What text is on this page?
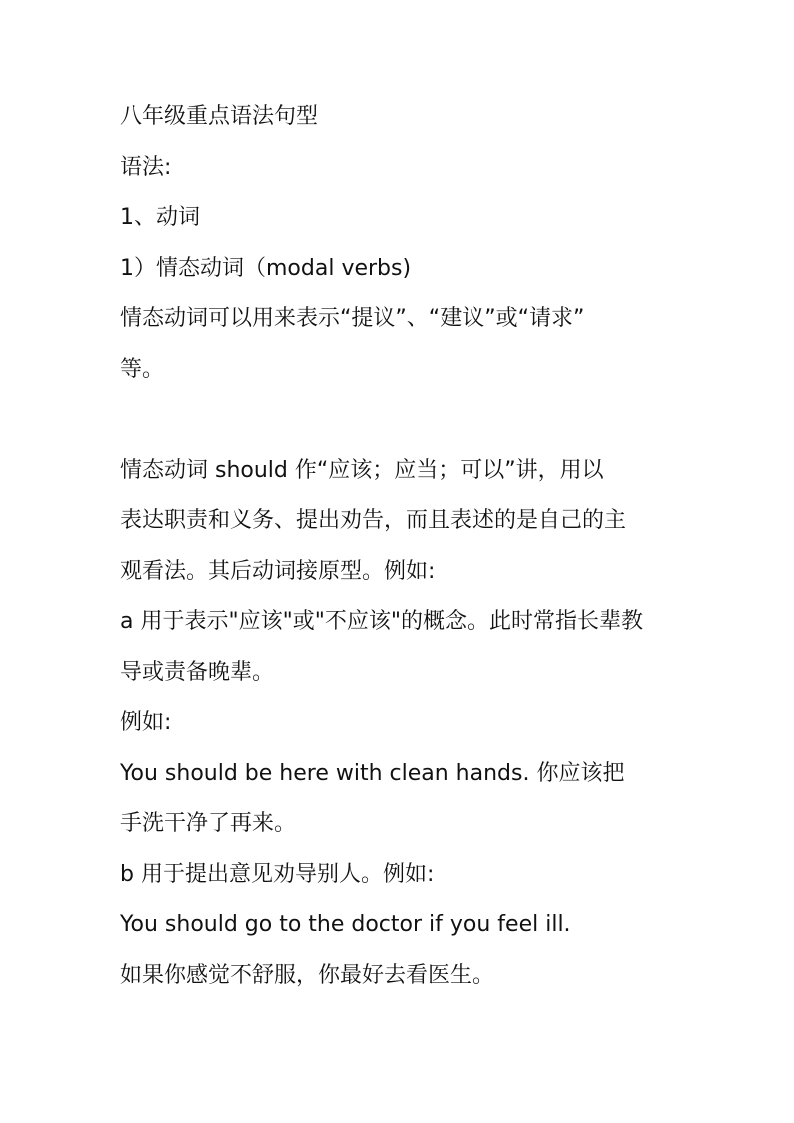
八年级重点语法句型
语法:
1、动词
1）情态动词（modal verbs)
情态动词可以用来表示“提议”、“建议”或“请求”
等。
情态动词 should 作“应该；应当；可以”讲，用以
表达职责和义务、提出劝告，而且表述的是自己的主
观看法。其后动词接原型。例如:
a 用于表示"应该"或"不应该"的概念。此时常指长辈教
导或责备晚辈。
例如:
You should be here with clean hands. 你应该把
手洗干净了再来。
b 用于提出意见劝导别人。例如:
You should go to the doctor if you feel ill.
如果你感觉不舒服，你最好去看医生。
